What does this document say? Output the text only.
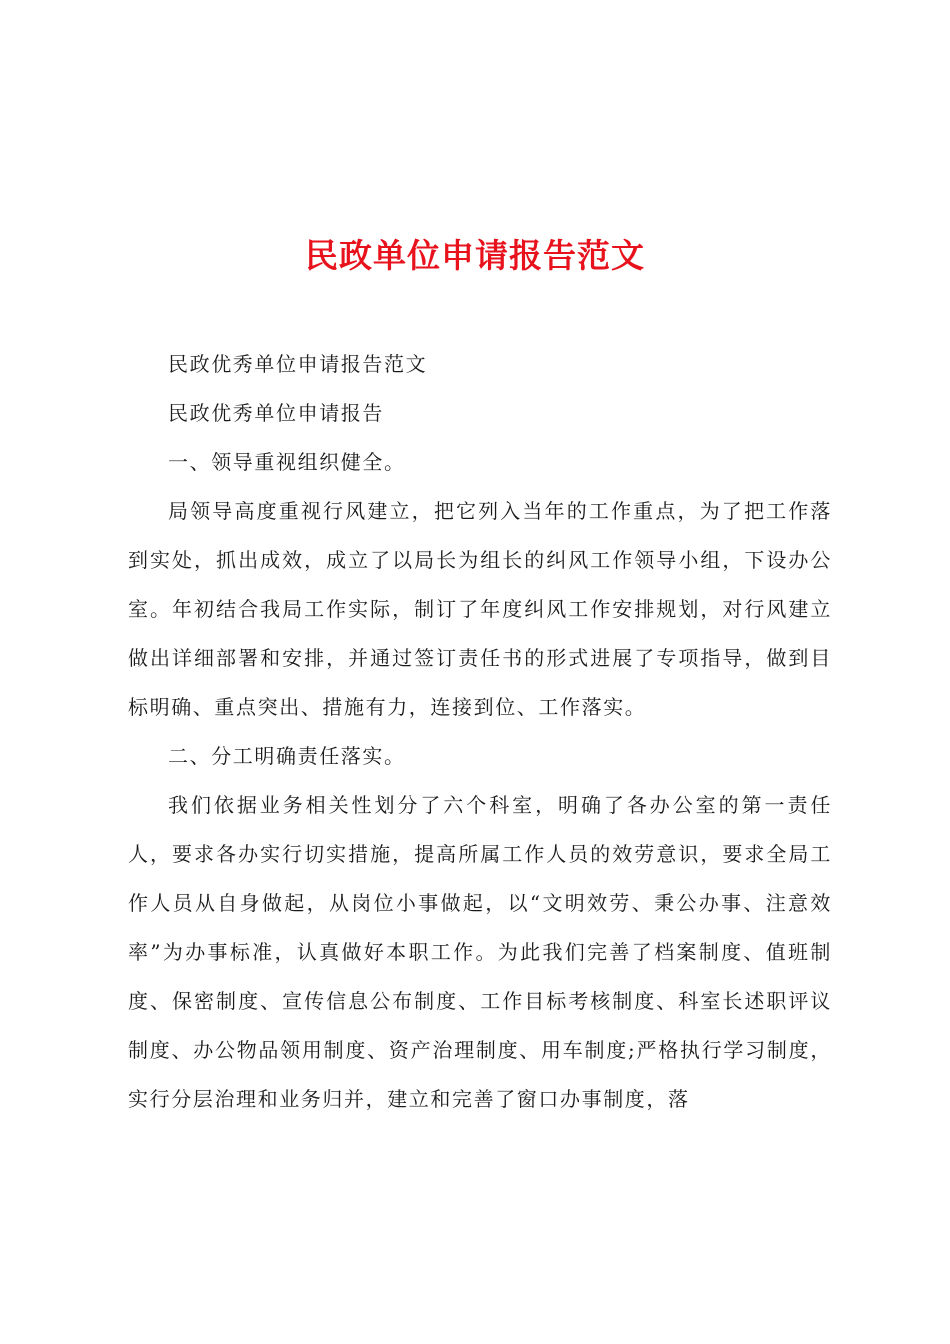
民政单位申请报告范文

民政优秀单位申请报告范文

民政优秀单位申请报告

一、领导重视组织健全。

局领导高度重视行风建立，把它列入当年的工作重点，为了把工作落到实处，抓出成效，成立了以局长为组长的纠风工作领导小组，下设办公室。年初结合我局工作实际，制订了年度纠风工作安排规划，对行风建立做出详细部署和安排，并通过签订责任书的形式进展了专项指导，做到目标明确、重点突出、措施有力，连接到位、工作落实。

二、分工明确责任落实。

我们依据业务相关性划分了六个科室，明确了各办公室的第一责任人，要求各办实行切实措施，提高所属工作人员的效劳意识，要求全局工作人员从自身做起，从岗位小事做起，以“文明效劳、秉公办事、注意效率”为办事标准，认真做好本职工作。为此我们完善了档案制度、值班制度、保密制度、宣传信息公布制度、工作目标考核制度、科室长述职评议制度、办公物品领用制度、资产治理制度、用车制度;严格执行学习制度，实行分层治理和业务归并，建立和完善了窗口办事制度，落
